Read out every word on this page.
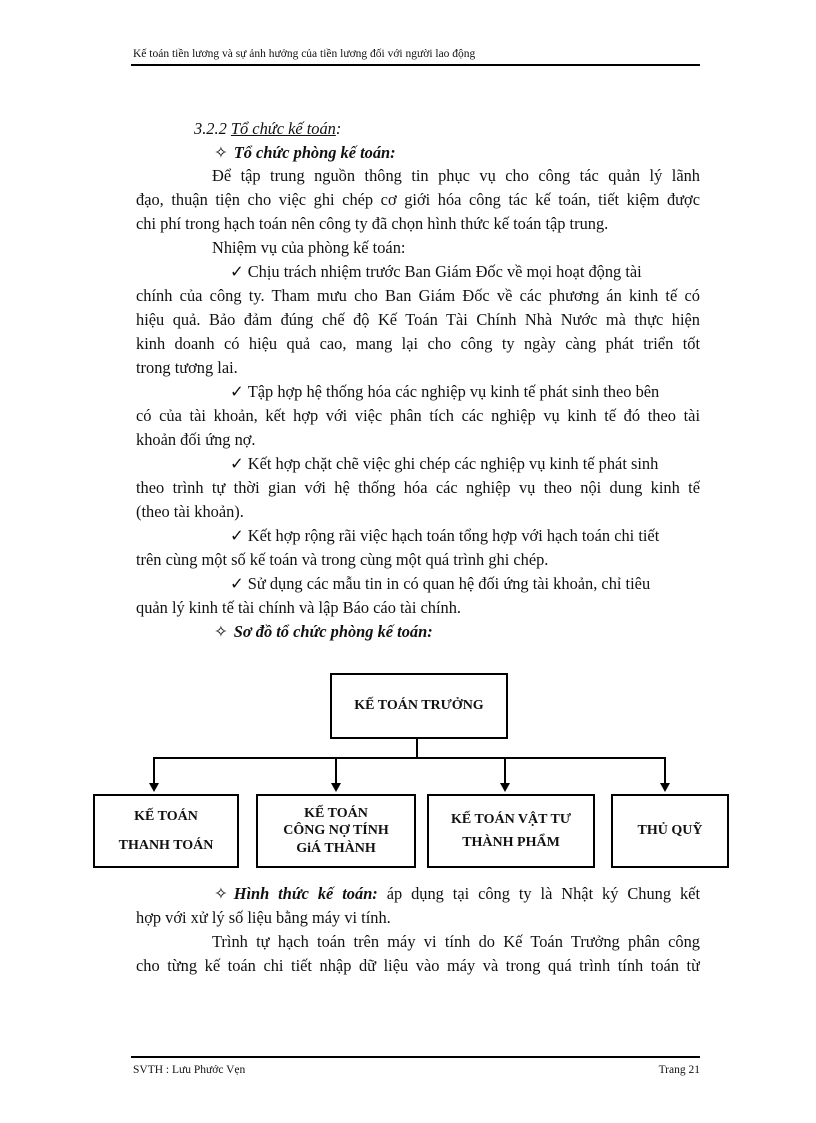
Kế toán tiền lương và sự ảnh hưởng của tiền lương đối với người lao động
3.2.2 Tổ chức kế toán:
✧ Tổ chức phòng kế toán:
Để tập trung nguồn thông tin phục vụ cho công tác quản lý lãnh
đạo, thuận tiện cho việc ghi chép cơ giới hóa công tác kế toán, tiết kiệm được
chi phí trong hạch toán nên công ty đã chọn hình thức kế toán tập trung.
Nhiệm vụ của phòng kế toán:
✓ Chịu trách nhiệm trước Ban Giám Đốc về mọi hoạt động tài
chính của công ty. Tham mưu cho Ban Giám Đốc về các phương án kinh tế có
hiệu quả. Bảo đảm đúng chế độ Kế Toán Tài Chính Nhà Nước mà thực hiện
kinh doanh có hiệu quả cao, mang lại cho công ty ngày càng phát triển tốt
trong tương lai.
✓ Tập hợp hệ thống hóa các nghiệp vụ kinh tế phát sinh theo bên
có của tài khoản, kết hợp với việc phân tích các nghiệp vụ kinh tế đó theo tài
khoản đối ứng nợ.
✓ Kết hợp chặt chẽ việc ghi chép các nghiệp vụ kinh tế phát sinh
theo trình tự thời gian với hệ thống hóa các nghiệp vụ theo nội dung kinh tế
(theo tài khoản).
✓ Kết hợp rộng rãi việc hạch toán tổng hợp với hạch toán chi tiết
trên cùng một số kế toán và trong cùng một quá trình ghi chép.
✓ Sử dụng các mẫu tin in có quan hệ đối ứng tài khoản, chỉ tiêu
quản lý kinh tế tài chính và lập Báo cáo tài chính.
✧ Sơ đồ tổ chức phòng kế toán:
KẾ TOÁN TRƯỞNG
KẾ TOÁN
THANH TOÁN
KẾ TOÁN
CÔNG NỢ TÍNH
GiÁ THÀNH
KẾ TOÁN VẬT TƯ
THÀNH PHẨM
THỦ QUỸ
✧ Hình thức kế toán: áp dụng tại công ty là Nhật ký Chung kết
hợp với xử lý số liệu bằng máy vi tính.
Trình tự hạch toán trên máy vi tính do Kế Toán Trưởng phân công
cho từng kế toán chi tiết nhập dữ liệu vào máy và trong quá trình tính toán từ
SVTH : Lưu Phước Vẹn	Trang 21
